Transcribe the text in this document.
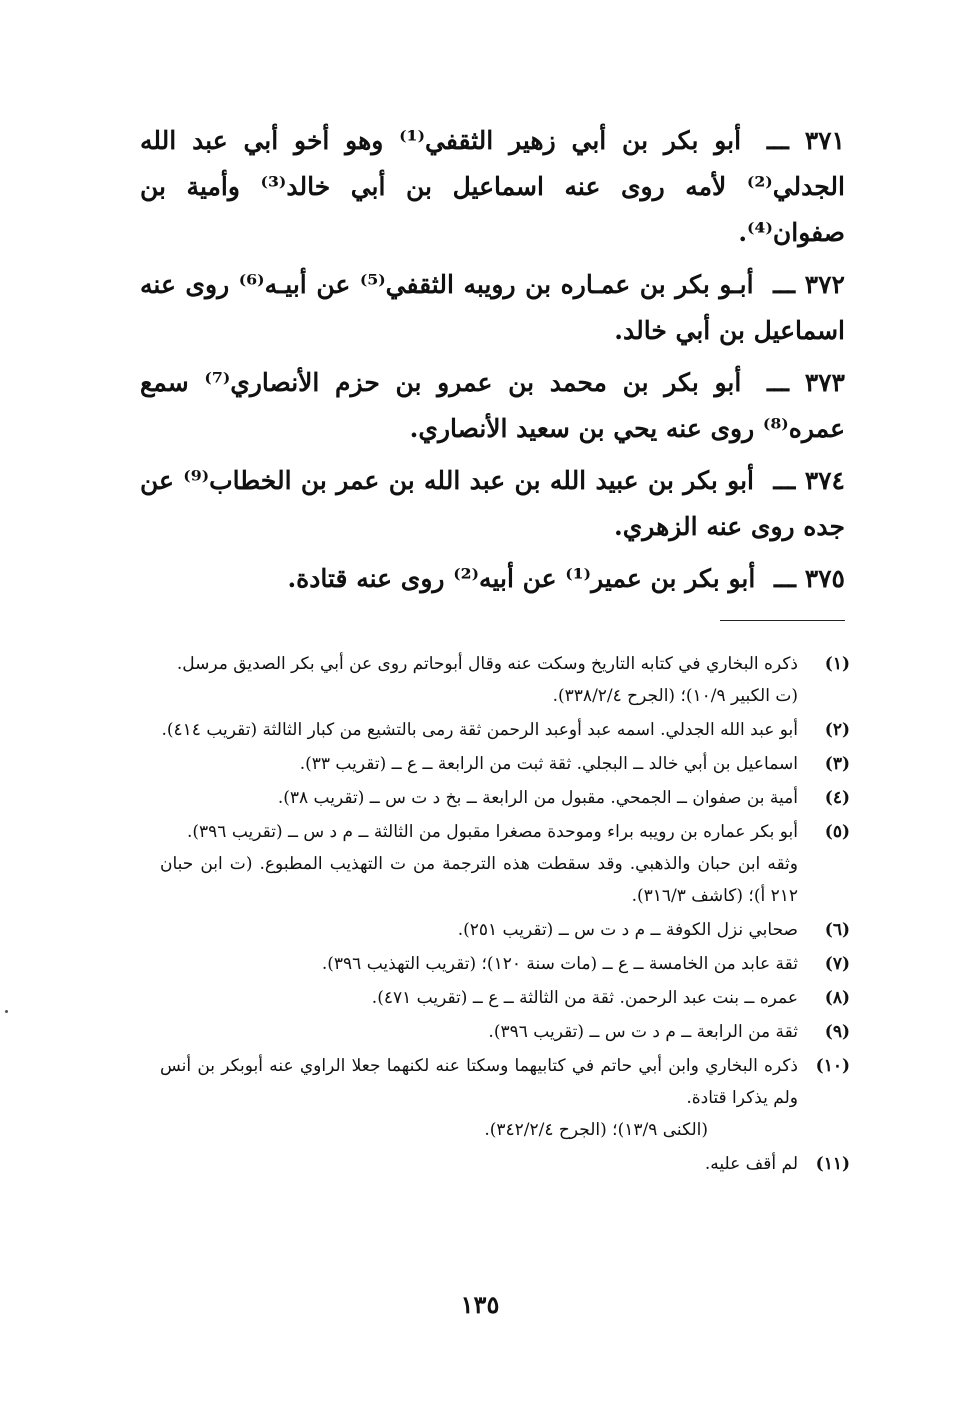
٣٧١ ـــ أبو بكر بن أبي زهير الثقفي⁽¹⁾ وهو أخو أبي عبد الله الجدلي⁽²⁾ لأمه روى عنه اسماعيل بن أبي خالد⁽³⁾ وأمية بن صفوان⁽⁴⁾.
٣٧٢ ـــ أبـو بكر بن عمـاره بن رويبه الثقفي⁽⁵⁾ عن أبيـه⁽⁶⁾ روى عنه اسماعيل بن أبي خالد.
٣٧٣ ـــ أبو بكر بن محمد بن عمرو بن حزم الأنصاري⁽⁷⁾ سمع عمره⁽⁸⁾ روى عنه يحي بن سعيد الأنصاري.
٣٧٤ ـــ أبو بكر بن عبيد الله بن عبد الله بن عمر بن الخطاب⁽⁹⁾ عن جده روى عنه الزهري.
٣٧٥ ـــ أبو بكر بن عمير⁽¹⁾ عن أبيه⁽²⁾ روى عنه قتادة.
(١)
ذكره البخاري في كتابه التاريخ وسكت عنه وقال أبوحاتم روى عن أبي بكر الصديق مرسل.
(ت الكبير ١٠/٩)؛ (الجرح ٣٣٨/٢/٤).
(٢)
أبو عبد الله الجدلي. اسمه عبد أوعبد الرحمن ثقة رمى بالتشيع من كبار الثالثة (تقريب ٤١٤).
(٣)
اسماعيل بن أبي خالد ــ البجلي. ثقة ثبت من الرابعة ــ ع ــ (تقريب ٣٣).
(٤)
أمية بن صفوان ــ الجمحي. مقبول من الرابعة ــ بخ د ت س ــ (تقريب ٣٨).
(٥)
أبو بكر عماره بن رويبه براء وموحدة مصغرا مقبول من الثالثة ــ م د س ــ (تقريب ٣٩٦).
وثقه ابن حبان والذهبي. وقد سقطت هذه الترجمة من ت التهذيب المطبوع. (ت ابن حبان ٢١٢ أ)؛ (كاشف ٣١٦/٣).
(٦)
صحابي نزل الكوفة ــ م د ت س ــ (تقريب ٢٥١).
(٧)
ثقة عابد من الخامسة ــ ع ــ (مات سنة ١٢٠)؛ (تقريب التهذيب ٣٩٦).
(٨)
عمره ــ بنت عبد الرحمن. ثقة من الثالثة ــ ع ــ (تقريب ٤٧١).
(٩)
ثقة من الرابعة ــ م د ت س ــ (تقريب ٣٩٦).
(١٠)
ذكره البخاري وابن أبي حاتم في كتابيهما وسكتا عنه لكنهما جعلا الراوي عنه أبوبكر بن أنس ولم يذكرا قتادة.
(الكنى ١٣/٩)؛ (الجرح ٣٤٢/٢/٤).
(١١)
لم أقف عليه.
١٣٥
